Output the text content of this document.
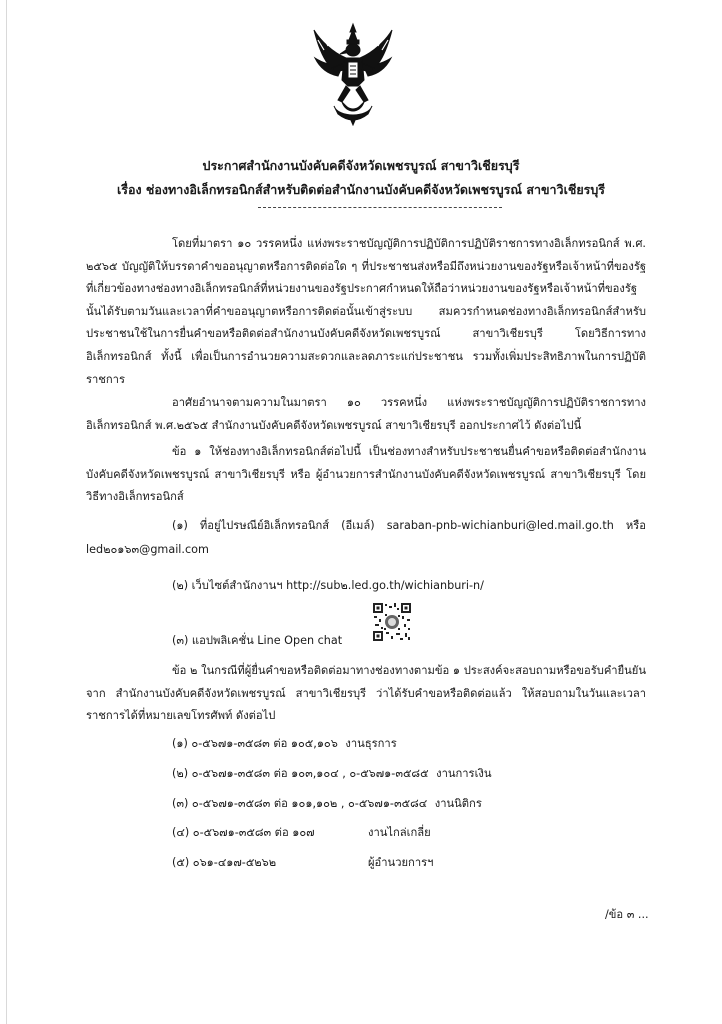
ประกาศสำนักงานบังคับคดีจังหวัดเพชรบูรณ์ สาขาวิเชียรบุรี
เรื่อง ช่องทางอิเล็กทรอนิกส์สำหรับติดต่อสำนักงานบังคับคดีจังหวัดเพชรบูรณ์ สาขาวิเชียรบุรี

โดยที่มาตรา ๑๐ วรรคหนึ่ง แห่งพระราชบัญญัติการปฏิบัติการปฏิบัติราชการทางอิเล็กทรอนิกส์ พ.ศ. ๒๕๖๕ บัญญัติให้บรรดาคำขออนุญาตหรือการติดต่อใด ๆ ที่ประชาชนส่งหรือมีถึงหน่วยงานของรัฐหรือเจ้าหน้าที่ของรัฐที่เกี่ยวข้องทางช่องทางอิเล็กทรอนิกส์ที่หน่วยงานของรัฐประกาศกำหนดให้ถือว่าหน่วยงานของรัฐหรือเจ้าหน้าที่ของรัฐนั้นได้รับตามวันและเวลาที่คำขออนุญาตหรือการติดต่อนั้นเข้าสู่ระบบ สมควรกำหนดช่องทางอิเล็กทรอนิกส์สำหรับประชาชนใช้ในการยื่นคำขอหรือติดต่อสำนักงานบังคับคดีจังหวัดเพชรบูรณ์ สาขาวิเชียรบุรี โดยวิธีการทางอิเล็กทรอนิกส์ ทั้งนี้ เพื่อเป็นการอำนวยความสะดวกและลดภาระแก่ประชาชน รวมทั้งเพิ่มประสิทธิภาพในการปฏิบัติราชการ

อาศัยอำนาจตามความในมาตรา ๑๐ วรรคหนึ่ง แห่งพระราชบัญญัติการปฏิบัติราชการทางอิเล็กทรอนิกส์ พ.ศ.๒๕๖๕ สำนักงานบังคับคดีจังหวัดเพชรบูรณ์ สาขาวิเชียรบุรี ออกประกาศไว้ ดังต่อไปนี้

ข้อ ๑ ให้ช่องทางอิเล็กทรอนิกส์ต่อไปนี้ เป็นช่องทางสำหรับประชาชนยื่นคำขอหรือติดต่อสำนักงานบังคับคดีจังหวัดเพชรบูรณ์ สาขาวิเชียรบุรี หรือ ผู้อำนวยการสำนักงานบังคับคดีจังหวัดเพชรบูรณ์ สาขาวิเชียรบุรี โดยวิธีทางอิเล็กทรอนิกส์

(๑) ที่อยู่ไปรษณีย์อิเล็กทรอนิกส์ (อีเมล์) saraban-pnb-wichianburi@led.mail.go.th หรือ
led๒๐๑๖๓@gmail.com
(๒) เว็บไซต์สำนักงานฯ http://sub๒.led.go.th/wichianburi-n/
(๓) แอปพลิเคชั่น Line Open chat

ข้อ ๒ ในกรณีที่ผู้ยื่นคำขอหรือติดต่อมาทางช่องทางตามข้อ ๑ ประสงค์จะสอบถามหรือขอรับคำยืนยันจาก สำนักงานบังคับคดีจังหวัดเพชรบูรณ์ สาขาวิเชียรบุรี ว่าได้รับคำขอหรือติดต่อแล้ว ให้สอบถามในวันและเวลาราชการได้ที่หมายเลขโทรศัพท์ ดังต่อไป

(๑) ๐-๕๖๗๑-๓๕๘๓ ต่อ ๑๐๕,๑๐๖ งานธุรการ
(๒) ๐-๕๖๗๑-๓๕๘๓ ต่อ ๑๐๓,๑๐๔ , ๐-๕๖๗๑-๓๕๘๕ งานการเงิน
(๓) ๐-๕๖๗๑-๓๕๘๓ ต่อ ๑๐๑,๑๐๒ , ๐-๕๖๗๑-๓๕๘๔ งานนิติกร
(๔) ๐-๕๖๗๑-๓๕๘๓ ต่อ ๑๐๗	งานไกล่เกลี่ย
(๕) ๐๖๑-๔๑๗-๕๒๖๒	ผู้อำนวยการฯ
/ข้อ ๓ ...
